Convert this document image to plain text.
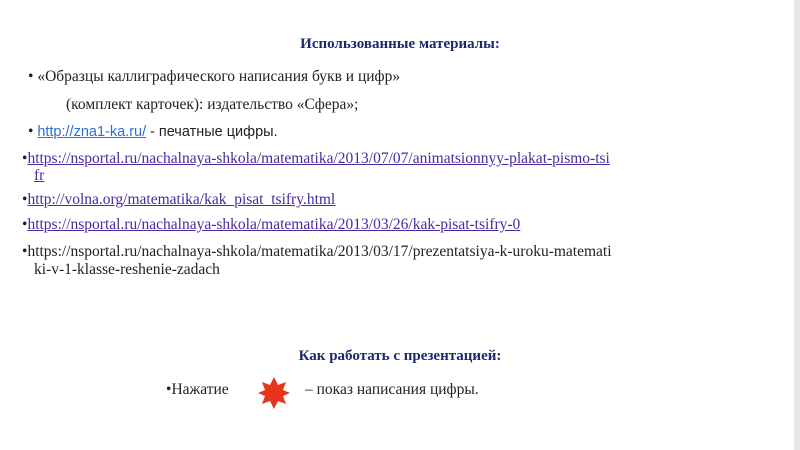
Использованные материалы:
• «Образцы каллиграфического написания букв и цифр»
(комплект карточек): издательство «Сфера»;
• http://zna1-ka.ru/ - печатные цифры.
•https://nsportal.ru/nachalnaya-shkola/matematika/2013/07/07/animatsionnyy-plakat-pismo-tsi
fr
•http://volna.org/matematika/kak_pisat_tsifry.html
•https://nsportal.ru/nachalnaya-shkola/matematika/2013/03/26/kak-pisat-tsifry-0
•https://nsportal.ru/nachalnaya-shkola/matematika/2013/03/17/prezentatsiya-k-uroku-matemati
ki-v-1-klasse-reshenie-zadach
Как работать с презентацией:
•Нажатие	– показ написания цифры.
